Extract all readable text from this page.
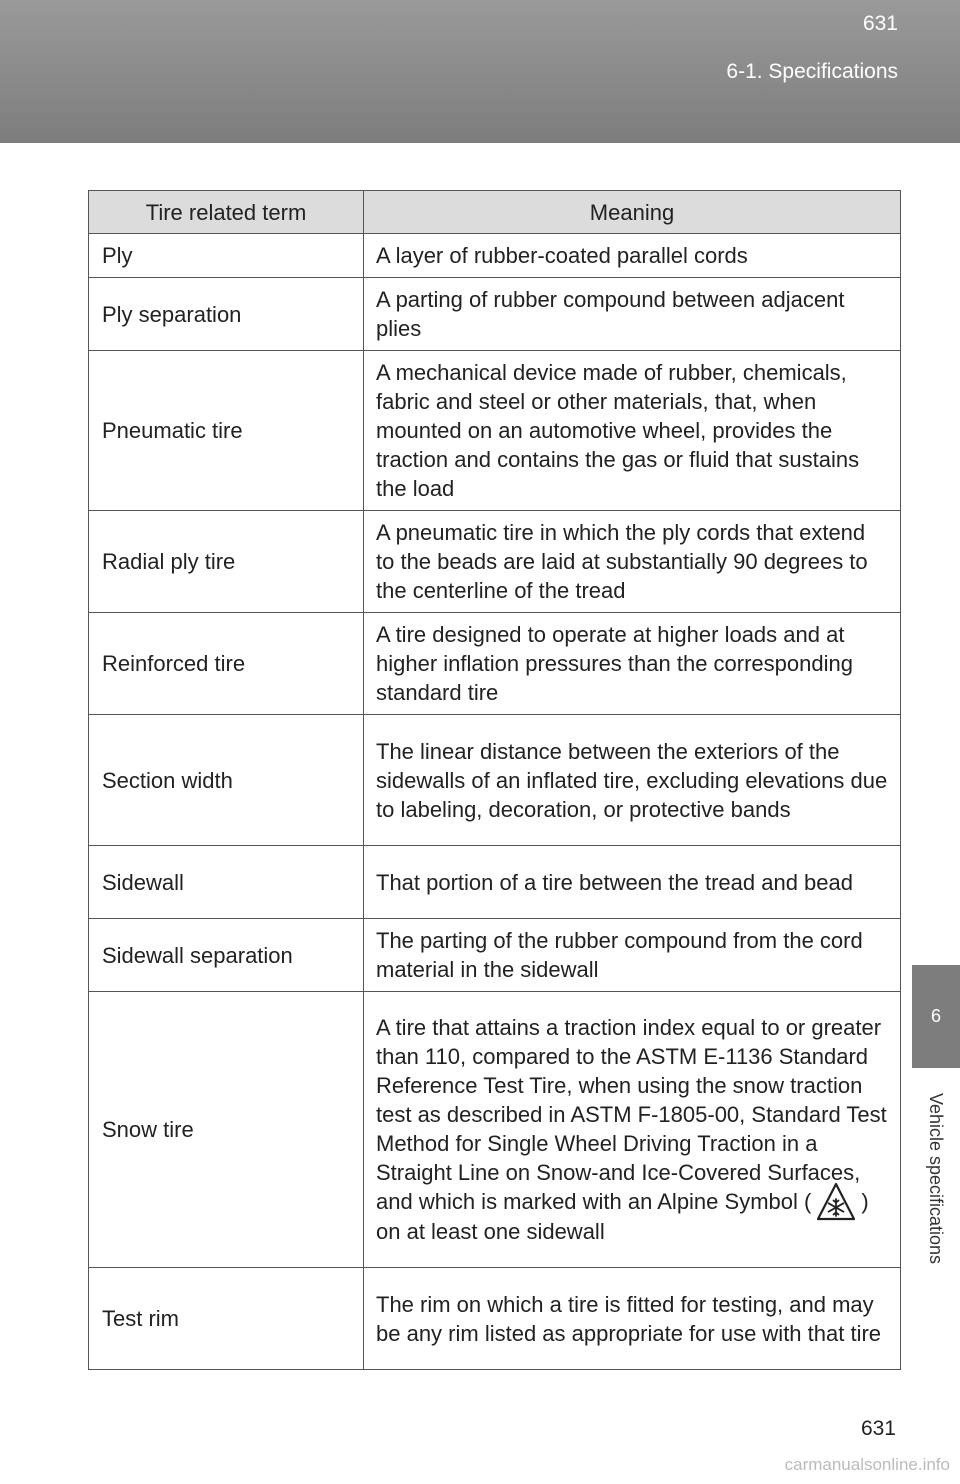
631
6-1. Specifications
6
Vehicle specifications
Tire related term	Meaning
Ply	A layer of rubber-coated parallel cords
Ply separation	A parting of rubber compound between adjacent plies
Pneumatic tire	A mechanical device made of rubber, chemicals, fabric and steel or other materials, that, when mounted on an automotive wheel, provides the traction and contains the gas or fluid that sustains the load
Radial ply tire	A pneumatic tire in which the ply cords that extend to the beads are laid at substantially 90 degrees to the centerline of the tread
Reinforced tire	A tire designed to operate at higher loads and at higher inflation pressures than the corresponding standard tire
Section width	The linear distance between the exteriors of the sidewalls of an inflated tire, excluding elevations due to labeling, decoration, or protective bands
Sidewall	That portion of a tire between the tread and bead
Sidewall separation	The parting of the rubber compound from the cord material in the sidewall
Snow tire	A tire that attains a traction index equal to or greater than 110, compared to the ASTM E-1136 Standard Reference Test Tire, when using the snow traction test as described in ASTM F-1805-00, Standard Test Method for Single Wheel Driving Traction in a Straight Line on Snow-and Ice-Covered Surfaces, and which is marked with an Alpine Symbol ( ) on at least one sidewall
Test rim	The rim on which a tire is fitted for testing, and may be any rim listed as appropriate for use with that tire
631
carmanualsonline.info
